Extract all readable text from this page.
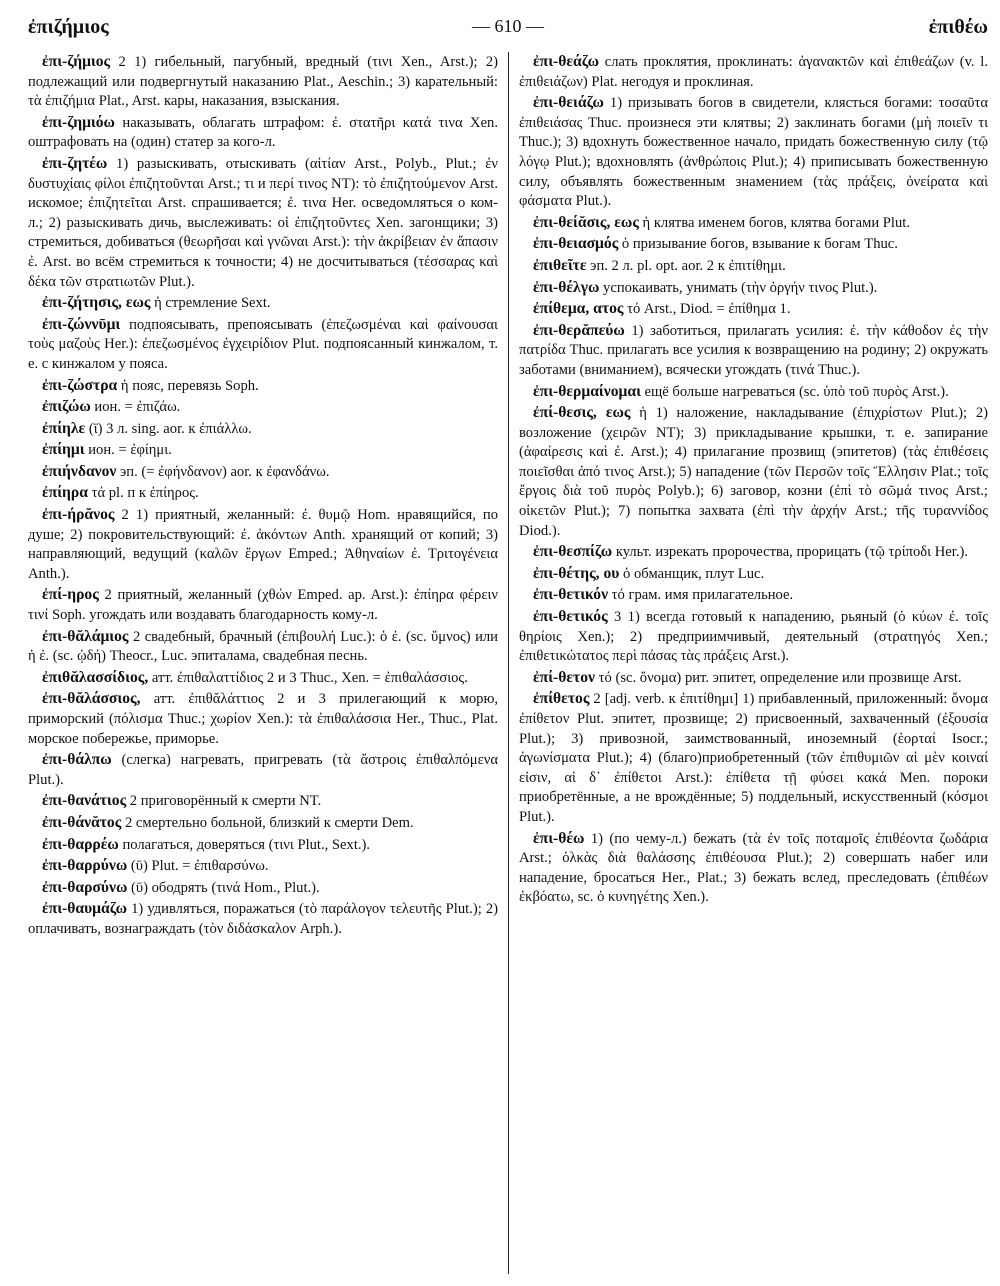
ἐπιζήμιος	— 610 —	ἐπιθέω

ἐπι-ζήμιος 2 1) гибельный, пагубный, вредный (τινι Xen., Arst.); 2) подлежащий или подвергнутый наказанию Plat., Aeschin.; 3) карательный: τὰ ἐπιζήμια Plat., Arst. кары, наказания, взыскания.

ἐπι-ζημιόω наказывать, облагать штрафом: ἐ. στατῆρι κατά τινα Xen. оштрафовать на (один) статер за кого-л.

ἐπι-ζητέω 1) разыскивать, отыскивать (αἰτίαν Arst., Polyb., Plut.; ἐν δυστυχίαις φίλοι ἐπιζητοῦνται Arst.; τι и περί τινος NT): τὸ ἐπιζητούμενον Arst. искомое; ἐπιζητεῖται Arst. спрашивается; ἐ. τινα Her. осведомляться о ком-л.; 2) разыскивать дичь, выслеживать: οἱ ἐπιζητοῦντες Xen. загонщики; 3) стремиться, добиваться (θεωρῆσαι καὶ γνῶναι Arst.): τὴν ἀκρίβειαν ἐν ἅπασιν ἐ. Arst. во всём стремиться к точности; 4) не досчитываться (τέσσαρας καὶ δέκα τῶν στρατιωτῶν Plut.).

ἐπι-ζήτησις, εως ἡ стремление Sext.

ἐπι-ζώννῡμι подпоясывать, препоясывать (ἐπεζωσμέναι καὶ φαίνουσαι τοὺς μαζοὺς Her.): ἐπεζωσμένος ἐγχειρίδιον Plut. подпоясанный кинжалом, т. е. с кинжалом у пояса.

ἐπι-ζώστρα ἡ пояс, перевязь Soph.

ἐπιζώω ион. = ἐπιζάω.

ἐπίηλε (ῑ) 3 л. sing. aor. к ἐπιάλλω.

ἐπίημι ион. = ἐφίημι.

ἐπιήνδανον эп. (= ἐφήνδανον) aor. к ἐφανδάνω.

ἐπίηρα τά pl. п к ἐπίηρος.

ἐπι-ήρᾰνος 2 1) приятный, желанный: ἐ. θυμῷ Hom. нравящийся, по душе; 2) покровительствующий: ἐ. ἀκόντων Anth. хранящий от копий; 3) направляющий, ведущий (καλῶν ἔργων Emped.; Ἀθηναίων ἐ. Τριτογένεια Anth.).

ἐπί-ηρος 2 приятный, желанный (χθών Emped. ap. Arst.): ἐπίηρα φέρειν τινί Soph. угождать или воздавать благодарность кому-л.

ἐπι-θᾰλάμιος 2 свадебный, брачный (ἐπιβουλή Luc.): ὁ ἐ. (sc. ὕμνος) или ἡ ἐ. (sc. ᾠδή) Theocr., Luc. эпиталама, свадебная песнь.

ἐπιθᾰλασσίδιος, атт. ἐπιθαλαττίδιος 2 и 3 Thuc., Xen. = ἐπιθαλάσσιος.

ἐπι-θᾰλάσσιος, атт. ἐπιθᾰλάττιος 2 и 3 прилегающий к морю, приморский (πόλισμα Thuc.; χωρίον Xen.): τὰ ἐπιθαλάσσια Her., Thuc., Plat. морское побережье, приморье.

ἐπι-θάλπω (слегка) нагревать, пригревать (τὰ ἄστροις ἐπιθαλπόμενα Plut.).

ἐπι-θανάτιος 2 приговорённый к смерти NT.

ἐπι-θάνᾰτος 2 смертельно больной, близкий к смерти Dem.

ἐπι-θαρρέω полагаться, доверяться (τινι Plut., Sext.).

ἐπι-θαρρύνω (ῡ) Plut. = ἐπιθαρσύνω.

ἐπι-θαρσύνω (ῡ) ободрять (τινά Hom., Plut.).

ἐπι-θαυμάζω 1) удивляться, поражаться (τὸ παράλογον τελευτῆς Plut.); 2) оплачивать, вознаграждать (τὸν διδάσκαλον Arph.).

ἐπι-θεάζω слать проклятия, проклинать: ἀγανακτῶν καὶ ἐπιθεάζων (v. l. ἐπιθειάζων) Plat. негодуя и проклиная.

ἐπι-θειάζω 1) призывать богов в свидетели, клясться богами: τοσαῦτα ἐπιθειάσας Thuc. произнеся эти клятвы; 2) заклинать богами (μὴ ποιεῖν τι Thuc.); 3) вдохнуть божественное начало, придать божественную силу (τῷ λόγῳ Plut.); вдохновлять (ἀνθρώποις Plut.); 4) приписывать божественную силу, объявлять божественным знамением (τὰς πράξεις, ὀνείρατα καὶ φάσματα Plut.).

ἐπι-θείᾰσις, εως ἡ клятва именем богов, клятва богами Plut.

ἐπι-θειασμός ὁ призывание богов, взывание к богам Thuc.

ἐπιθεῖτε эп. 2 л. pl. opt. aor. 2 к ἐπιτίθημι.

ἐπι-θέλγω успокаивать, унимать (τὴν ὀργήν τινος Plut.).

ἐπίθεμα, ατος τό Arst., Diod. = ἐπίθημα 1.

ἐπι-θερᾰπεύω 1) заботиться, прилагать усилия: ἐ. τὴν κάθοδον ἐς τὴν πατρίδα Thuc. прилагать все усилия к возвращению на родину; 2) окружать заботами (вниманием), всячески угождать (τινά Thuc.).

ἐπι-θερμαίνομαι ещё больше нагреваться (sc. ὑπὸ τοῦ πυρὸς Arst.).

ἐπί-θεσις, εως ἡ 1) наложение, накладывание (ἐπιχρίστων Plut.); 2) возложение (χειρῶν NT); 3) прикладывание крышки, т. е. запирание (ἀφαίρεσις καὶ ἐ. Arst.); 4) прилагание прозвищ (эпитетов) (τὰς ἐπιθέσεις ποιεῖσθαι ἀπό τινος Arst.); 5) нападение (τῶν Περσῶν τοῖς Ἕλλησιν Plat.; τοῖς ἔργοις διὰ τοῦ πυρὸς Polyb.); 6) заговор, козни (ἐπὶ τὸ σῶμά τινος Arst.; οἰκετῶν Plut.); 7) попытка захвата (ἐπὶ τὴν ἀρχήν Arst.; τῆς τυραννίδος Diod.).

ἐπι-θεσπίζω культ. изрекать пророчества, прорицать (τῷ τρίποδι Her.).

ἐπι-θέτης, ου ὁ обманщик, плут Luc.

ἐπι-θετικόν τό грам. имя прилагательное.

ἐπι-θετικός 3 1) всегда готовый к нападению, рьяный (ὁ κύων ἐ. τοῖς θηρίοις Xen.); 2) предприимчивый, деятельный (στρατηγός Xen.; ἐπιθετικώτατος περὶ πάσας τὰς πράξεις Arst.).

ἐπί-θετον τό (sc. ὄνομα) рит. эпитет, определение или прозвище Arst.

ἐπίθετος 2 [adj. verb. к ἐπιτίθημι] 1) прибавленный, приложенный: ὄνομα ἐπίθετον Plut. эпитет, прозвище; 2) присвоенный, захваченный (ἐξουσία Plut.); 3) привозной, заимствованный, иноземный (ἑορταί Isocr.; ἀγωνίσματα Plut.); 4) (благо)приобретенный (τῶν ἐπιθυμιῶν αἱ μὲν κοιναί εἰσιν, αἱ δ᾿ ἐπίθετοι Arst.): ἐπίθετα τῇ φύσει κακά Men. пороки приобретённые, а не врождённые; 5) поддельный, искусственный (κόσμοι Plut.).

ἐπι-θέω 1) (по чему-л.) бежать (τὰ ἐν τοῖς ποταμοῖς ἐπιθέοντα ζωδάρια Arst.; ὁλκὰς διὰ θαλάσσης ἐπιθέουσα Plut.); 2) совершать набег или нападение, бросаться Her., Plat.; 3) бежать вслед, преследовать (ἐπιθέων ἐκβόατω, sc. ὁ κυνηγέτης Xen.).
